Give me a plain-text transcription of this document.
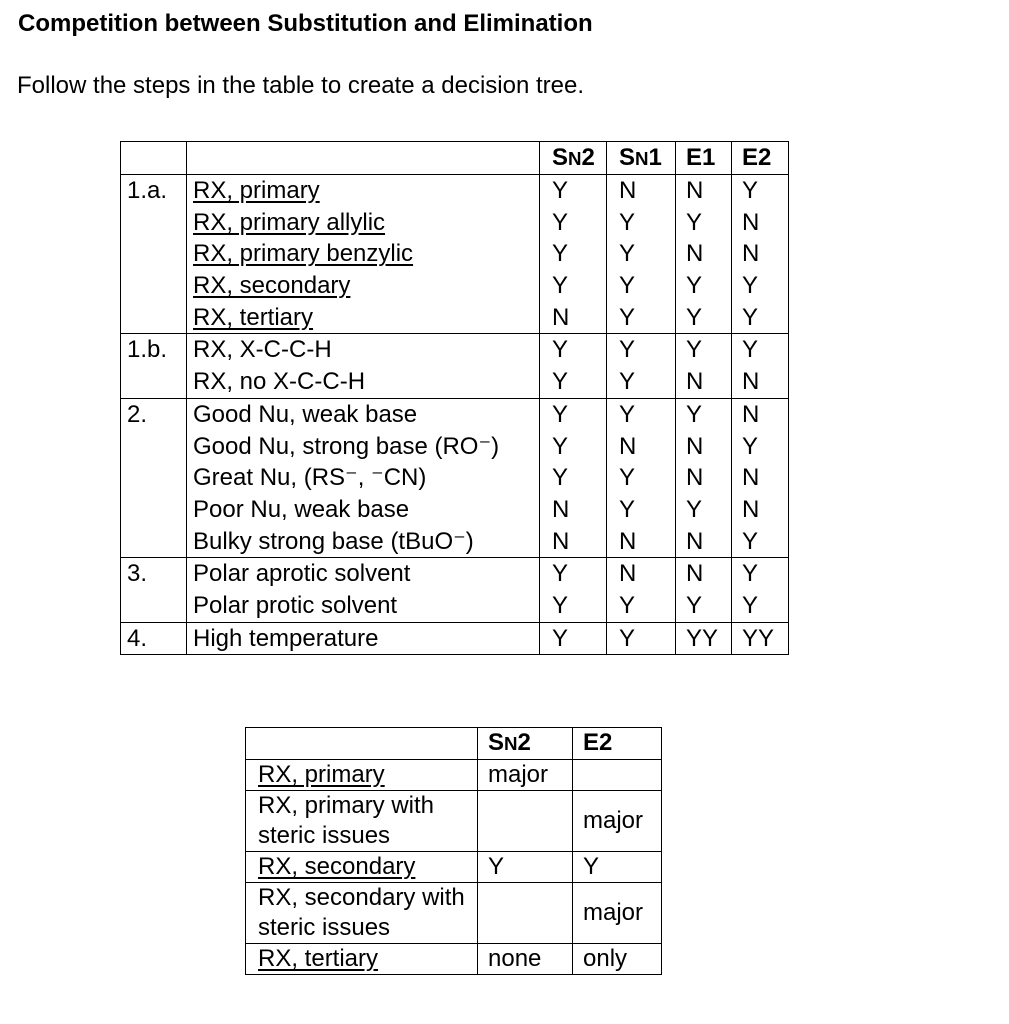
Competition between Substitution and Elimination

Follow the steps in the table to create a decision tree.

		SN2	SN1	E1	E2
1.a.	RX, primary	Y	N	N	Y
	RX, primary allylic	Y	Y	Y	N
	RX, primary benzylic	Y	Y	N	N
	RX, secondary	Y	Y	Y	Y
	RX, tertiary	N	Y	Y	Y
1.b.	RX, X-C-C-H	Y	Y	Y	Y
	RX, no X-C-C-H	Y	Y	N	N
2.	Good Nu, weak base	Y	Y	Y	N
	Good Nu, strong base (RO⁻)	Y	N	N	Y
	Great Nu, (RS⁻, ⁻CN)	Y	Y	N	N
	Poor Nu, weak base	N	Y	Y	N
	Bulky strong base (tBuO⁻)	N	N	N	Y
3.	Polar aprotic solvent	Y	N	N	Y
	Polar protic solvent	Y	Y	Y	Y
4.	High temperature	Y	Y	YY	YY
	SN2	E2
RX, primary	major	
RX, primary with steric issues		major
RX, secondary	Y	Y
RX, secondary with steric issues		major
RX, tertiary	none	only
